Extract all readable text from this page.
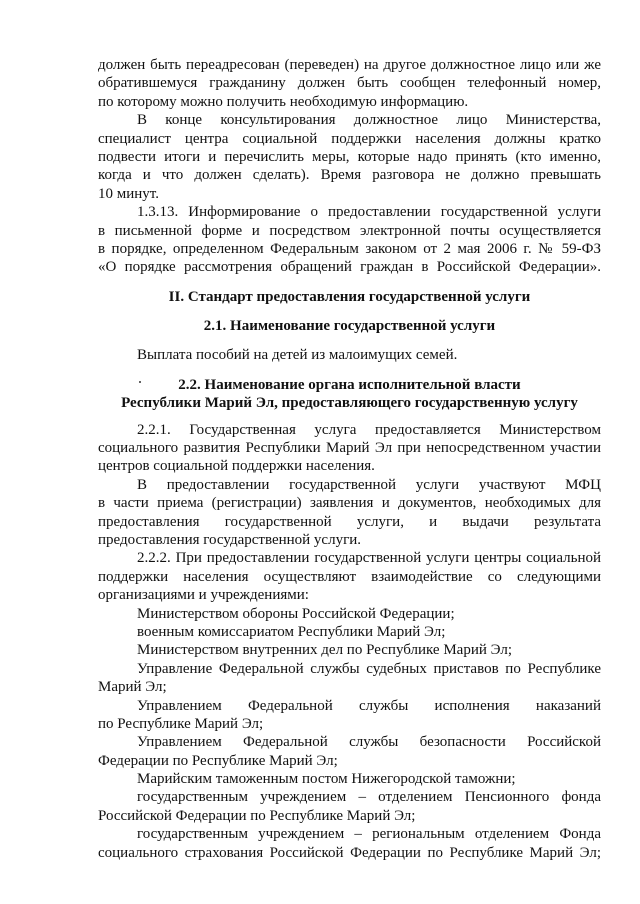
должен быть переадресован (переведен) на другое должностное лицо или же
обратившемуся гражданину должен быть сообщен телефонный номер,
по которому можно получить необходимую информацию.
В конце консультирования должностное лицо Министерства,
специалист центра социальной поддержки населения должны кратко
подвести итоги и перечислить меры, которые надо принять (кто именно,
когда и что должен сделать). Время разговора не должно превышать
10 минут.
1.3.13. Информирование о предоставлении государственной услуги
в письменной форме и посредством электронной почты осуществляется
в порядке, определенном Федеральным законом от 2 мая 2006 г. № 59-ФЗ
«О порядке рассмотрения обращений граждан в Российской Федерации».
II. Стандарт предоставления государственной услуги
2.1. Наименование государственной услуги
Выплата пособий на детей из малоимущих семей.
2.2. Наименование органа исполнительной власти
Республики Марий Эл, предоставляющего государственную услугу
2.2.1. Государственная услуга предоставляется Министерством
социального развития Республики Марий Эл при непосредственном участии
центров социальной поддержки населения.
В предоставлении государственной услуги участвуют МФЦ
в части приема (регистрации) заявления и документов, необходимых для
предоставления государственной услуги, и выдачи результата
предоставления государственной услуги.
2.2.2. При предоставлении государственной услуги центры социальной
поддержки населения осуществляют взаимодействие со следующими
организациями и учреждениями:
Министерством обороны Российской Федерации;
военным комиссариатом Республики Марий Эл;
Министерством внутренних дел по Республике Марий Эл;
Управление Федеральной службы судебных приставов по Республике
Марий Эл;
Управлением Федеральной службы исполнения наказаний
по Республике Марий Эл;
Управлением Федеральной службы безопасности Российской
Федерации по Республике Марий Эл;
Марийским таможенным постом Нижегородской таможни;
государственным учреждением – отделением Пенсионного фонда
Российской Федерации по Республике Марий Эл;
государственным учреждением – региональным отделением Фонда
социального страхования Российской Федерации по Республике Марий Эл;
